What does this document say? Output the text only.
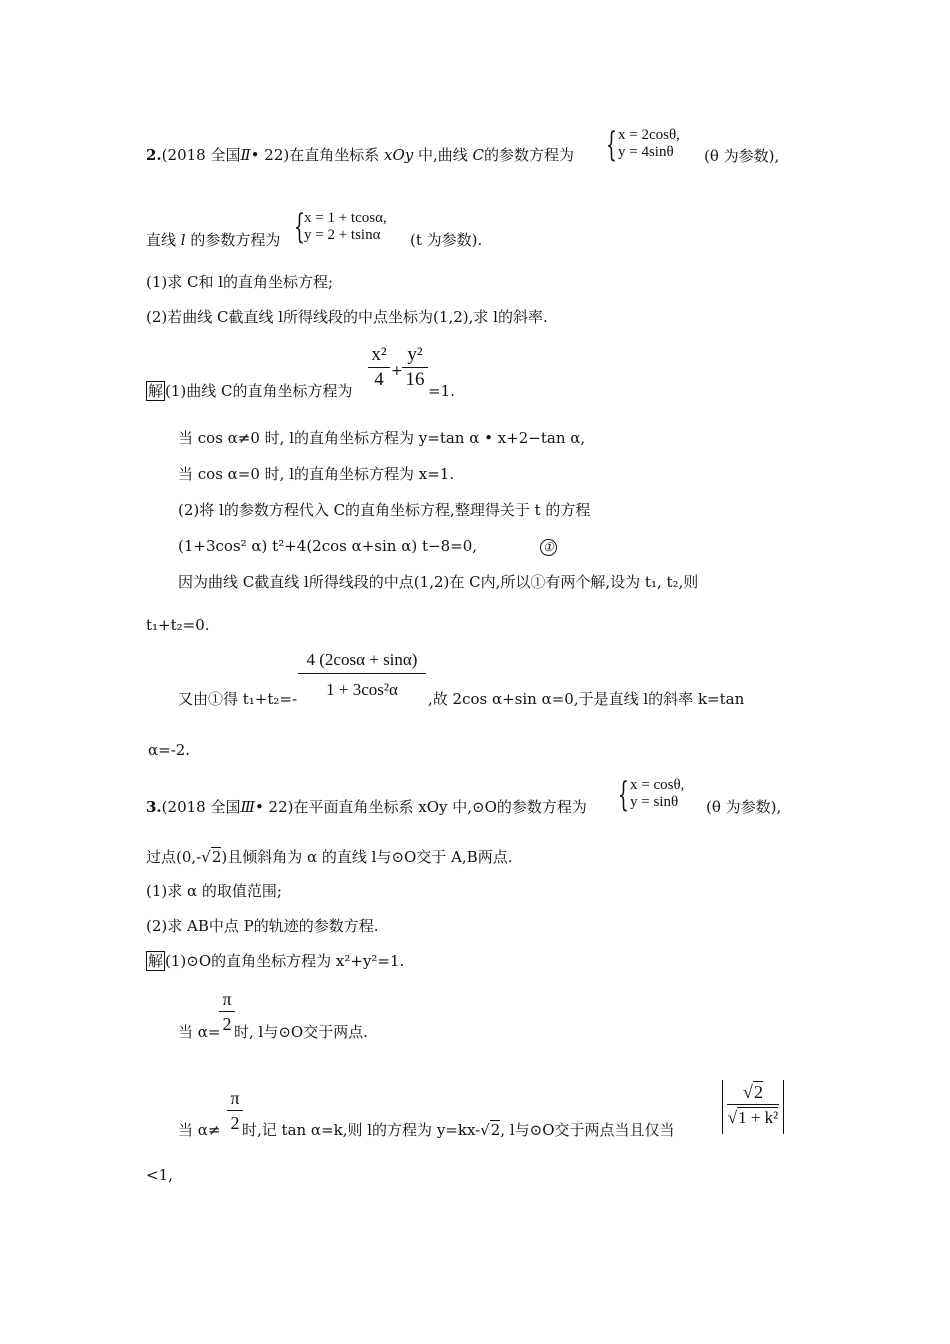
2.(2018 全国Ⅱ• 22)在直角坐标系 xOy 中,曲线 C的参数方程为 { x = 2cosθ,
y = 4sinθ (θ 为参数),
直线 l 的参数方程为 { x = 1 + tcosα,
y = 2 + tsinα (t 为参数).
(1)求 C和 l的直角坐标方程;
(2)若曲线 C截直线 l所得线段的中点坐标为(1,2),求 l的斜率.
解 (1)曲线 C的直角坐标方程为 $\frac{\text{x²}}{4} + \frac{\text{y²}}{16} =1$.
当 cos α≠0 时, l的直角坐标方程为 y=tan α • x+2−tan α,
当 cos α=0 时, l的直角坐标方程为 x=1.
(2)将 l的参数方程代入 C的直角坐标方程,整理得关于 t 的方程
(1+3cos² α) t²+4(2cos α+sin α) t−8=0,	①
因为曲线 C截直线 l所得线段的中点(1,2)在 C内,所以①有两个解,设为 t₁, t₂,则
t₁+t₂=0.
又由①得 $t_1+t_2=- \frac{4 (2\cos\alpha + \sin\alpha)}{\text{1 + 3cos²α}}$ ,故 2cos α+sin α=0,于是直线 l的斜率 k=tan
α=-2.
3.(2018 全国Ⅲ• 22)在平面直角坐标系 xOy 中,⊙O的参数方程为 { x = cosθ,
y = sinθ (θ 为参数),
过点(0,-√2)且倾斜角为 α 的直线 l与⊙O交于 A,B两点.
(1)求 α 的取值范围;
(2)求 AB中点 P的轨迹的参数方程.
解 (1)⊙O的直角坐标方程为 x²+y²=1.
当 α=
$\frac{\pi}{2}$ 时, l与⊙O交于两点.
当 $\alpha\ne \frac{\pi}{2}$ 时,记 tan α=k,则 l的方程为 y=kx-√2, l与⊙O交于两点当且仅当	$\frac{√2}{\text{√1 + k²}}$
<1,
